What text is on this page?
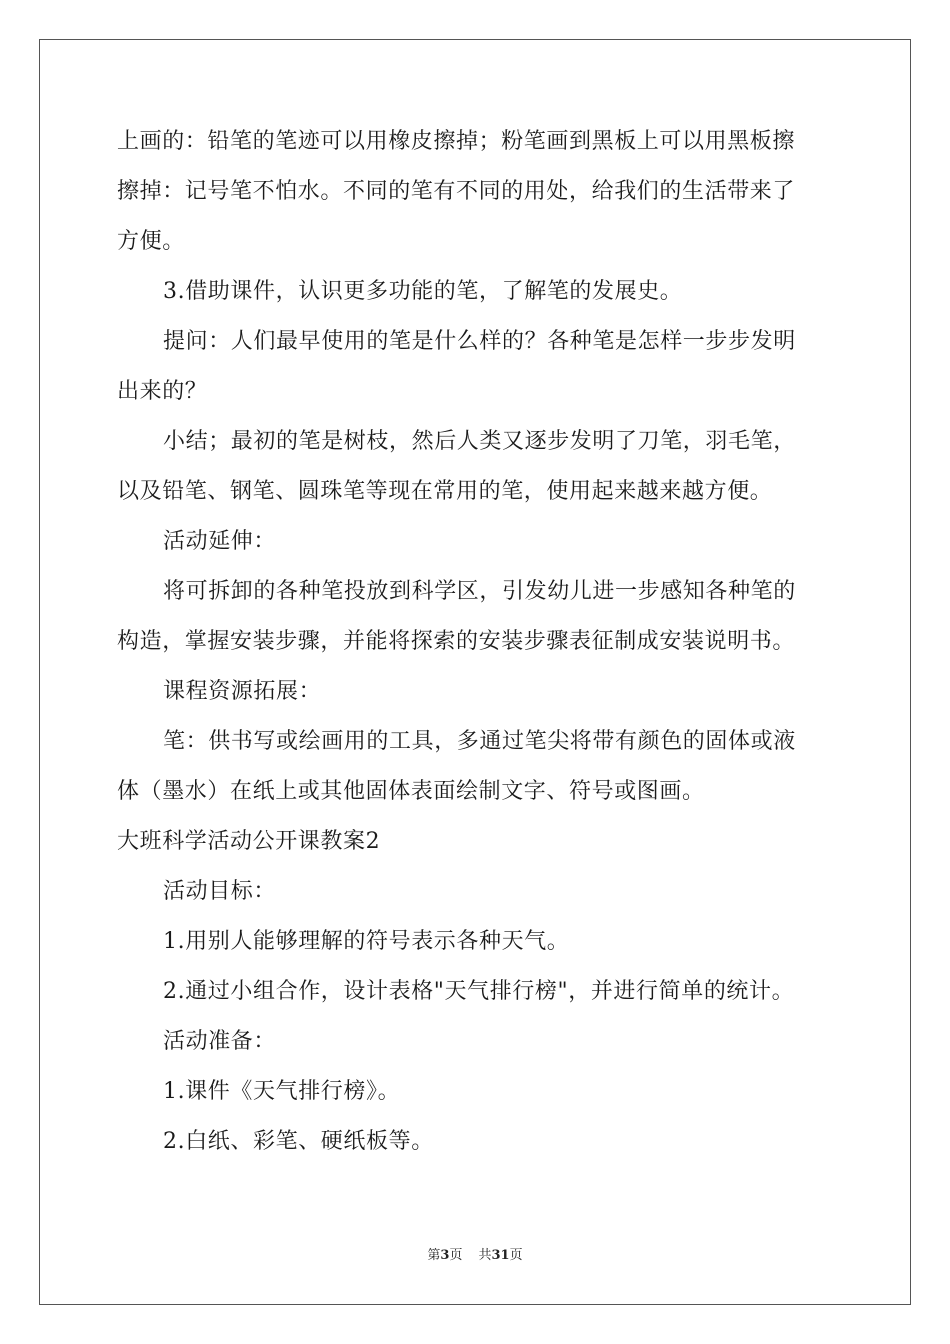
上画的：铅笔的笔迹可以用橡皮擦掉；粉笔画到黑板上可以用黑板擦
擦掉：记号笔不怕水。不同的笔有不同的用处，给我们的生活带来了
方便。
3.借助课件，认识更多功能的笔，了解笔的发展史。
提问：人们最早使用的笔是什么样的？各种笔是怎样一步步发明
出来的？
小结；最初的笔是树枝，然后人类又逐步发明了刀笔，羽毛笔，
以及铅笔、钢笔、圆珠笔等现在常用的笔，使用起来越来越方便。
活动延伸：
将可拆卸的各种笔投放到科学区，引发幼儿进一步感知各种笔的
构造，掌握安装步骤，并能将探索的安装步骤表征制成安装说明书。
课程资源拓展：
笔：供书写或绘画用的工具，多通过笔尖将带有颜色的固体或液
体（墨水）在纸上或其他固体表面绘制文字、符号或图画。
大班科学活动公开课教案2
活动目标：
1.用别人能够理解的符号表示各种天气。
2.通过小组合作，设计表格"天气排行榜"，并进行简单的统计。
活动准备：
1.课件《天气排行榜》。
2.白纸、彩笔、硬纸板等。
第3页 共31页
